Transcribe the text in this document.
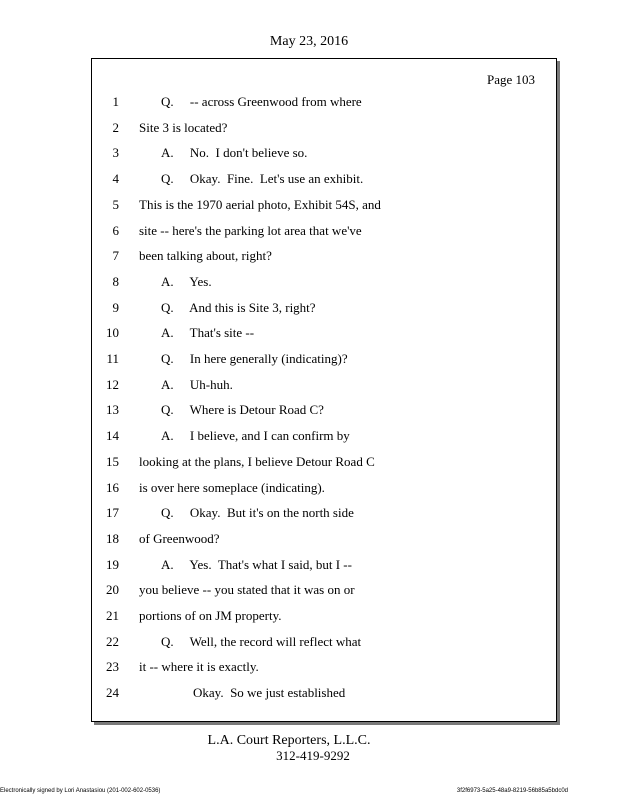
May 23, 2016
Page 103
1	Q.     -- across Greenwood from where
2 Site 3 is located?
3	A.     No.  I don't believe so.
4	Q.     Okay.  Fine.  Let's use an exhibit.
5 This is the 1970 aerial photo, Exhibit 54S, and
6 site -- here's the parking lot area that we've
7 been talking about, right?
8	A.     Yes.
9	Q.     And this is Site 3, right?
10	A.     That's site --
11	Q.     In here generally (indicating)?
12	A.     Uh-huh.
13	Q.     Where is Detour Road C?
14	A.     I believe, and I can confirm by
15 looking at the plans, I believe Detour Road C
16 is over here someplace (indicating).
17	Q.     Okay.  But it's on the north side
18 of Greenwood?
19	A.     Yes.  That's what I said, but I --
20 you believe -- you stated that it was on or
21 portions of on JM property.
22	Q.     Well, the record will reflect what
23 it -- where it is exactly.
24	Okay.  So we just established
L.A. Court Reporters, L.L.C.
312-419-9292
Electronically signed by Lori Anastasiou (201-002-602-0536)	3f2f6973-5a25-48a9-8219-56b85a5bdc0d
